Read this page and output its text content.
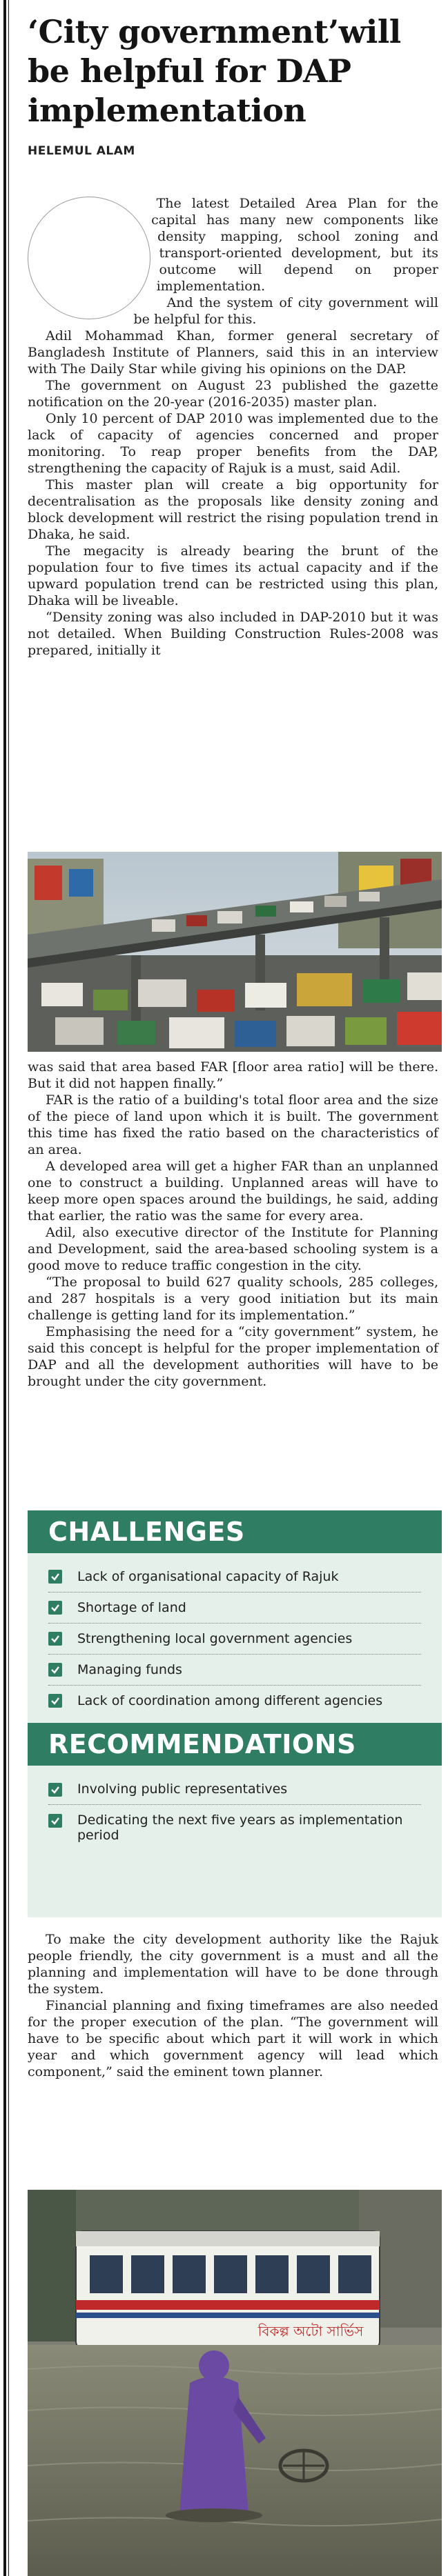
‘City government’will be helpful for DAP implementation
HELEMUL ALAM

The latest Detailed Area Plan for the capital has many new components like density mapping, school zoning and transport-oriented development, but its outcome will depend on proper implementation.

And the system of city government will be helpful for this.

Adil Mohammad Khan, former general secretary of Bangladesh Institute of Planners, said this in an interview with The Daily Star while giving his opinions on the DAP.

The government on August 23 published the gazette notification on the 20-year (2016-2035) master plan.

Only 10 percent of DAP 2010 was implemented due to the lack of capacity of agencies concerned and proper monitoring. To reap proper benefits from the DAP, strengthening the capacity of Rajuk is a must, said Adil.

This master plan will create a big opportunity for decentralisation as the proposals like density zoning and block development will restrict the rising population trend in Dhaka, he said.

The megacity is already bearing the brunt of the population four to five times its actual capacity and if the upward population trend can be restricted using this plan, Dhaka will be liveable.

“Density zoning was also included in DAP-2010 but it was not detailed. When Building Construction Rules-2008 was prepared, initially it

was said that area based FAR [floor area ratio] will be there. But it did not happen finally.”

FAR is the ratio of a building's total floor area and the size of the piece of land upon which it is built. The government this time has fixed the ratio based on the characteristics of an area.

A developed area will get a higher FAR than an unplanned one to construct a building. Unplanned areas will have to keep more open spaces around the buildings, he said, adding that earlier, the ratio was the same for every area.

Adil, also executive director of the Institute for Planning and Development, said the area-based schooling system is a good move to reduce traffic congestion in the city.

“The proposal to build 627 quality schools, 285 colleges, and 287 hospitals is a very good initiation but its main challenge is getting land for its implementation.”

Emphasising the need for a “city government” system, he said this concept is helpful for the proper implementation of DAP and all the development authorities will have to be brought under the city government.

CHALLENGES
Lack of organisational capacity of Rajuk
Shortage of land
Strengthening local government agencies
Managing funds
Lack of coordination among different agencies
RECOMMENDATIONS
Involving public representatives
Dedicating the next five years as implementation period

To make the city development authority like the Rajuk people friendly, the city government is a must and all the planning and implementation will have to be done through the system.

Financial planning and fixing timeframes are also needed for the proper execution of the plan. “The government will have to be specific about which part it will work in which year and which government agency will lead which component,” said the eminent town planner.

বিকল্প অটো সার্ভিস
